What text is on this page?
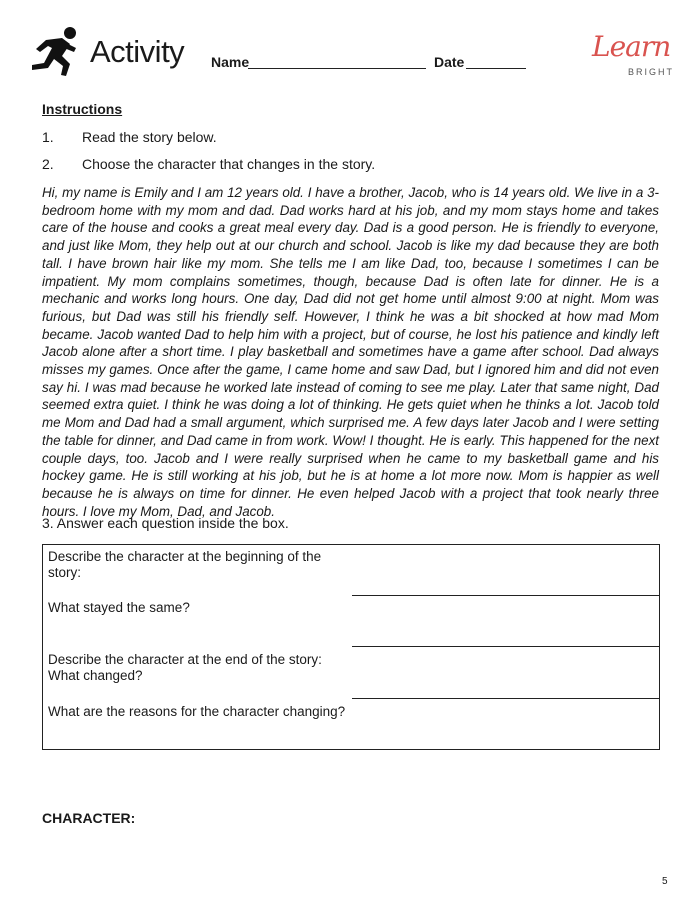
Activity Name	Date	Learn
BRIGHT
Instructions
1. Read the story below.
2. Choose the character that changes in the story.
Hi, my name is Emily and I am 12 years old. I have a brother, Jacob, who is 14 years old. We live in a 3-bedroom home with my mom and dad. Dad works hard at his job, and my mom stays home and takes care of the house and cooks a great meal every day. Dad is a good person. He is friendly to everyone, and just like Mom, they help out at our church and school. Jacob is like my dad because they are both tall. I have brown hair like my mom. She tells me I am like Dad, too, because I sometimes I can be impatient. My mom complains sometimes, though, because Dad is often late for dinner. He is a mechanic and works long hours. One day, Dad did not get home until almost 9:00 at night. Mom was furious, but Dad was still his friendly self. However, I think he was a bit shocked at how mad Mom became. Jacob wanted Dad to help him with a project, but of course, he lost his patience and kindly left Jacob alone after a short time. I play basketball and sometimes have a game after school. Dad always misses my games. Once after the game, I came home and saw Dad, but I ignored him and did not even say hi. I was mad because he worked late instead of coming to see me play. Later that same night, Dad seemed extra quiet. I think he was doing a lot of thinking. He gets quiet when he thinks a lot. Jacob told me Mom and Dad had a small argument, which surprised me. A few days later Jacob and I were setting the table for dinner, and Dad came in from work. Wow! I thought. He is early. This happened for the next couple days, too. Jacob and I were really surprised when he came to my basketball game and his hockey game. He is still working at his job, but he is at home a lot more now. Mom is happier as well because he is always on time for dinner. He even helped Jacob with a project that took nearly three hours. I love my Mom, Dad, and Jacob.
3. Answer each question inside the box.
Describe the character at the beginning of the story:
What stayed the same?
Describe the character at the end of the story:
What changed?
What are the reasons for the character changing?
CHARACTER:
5
